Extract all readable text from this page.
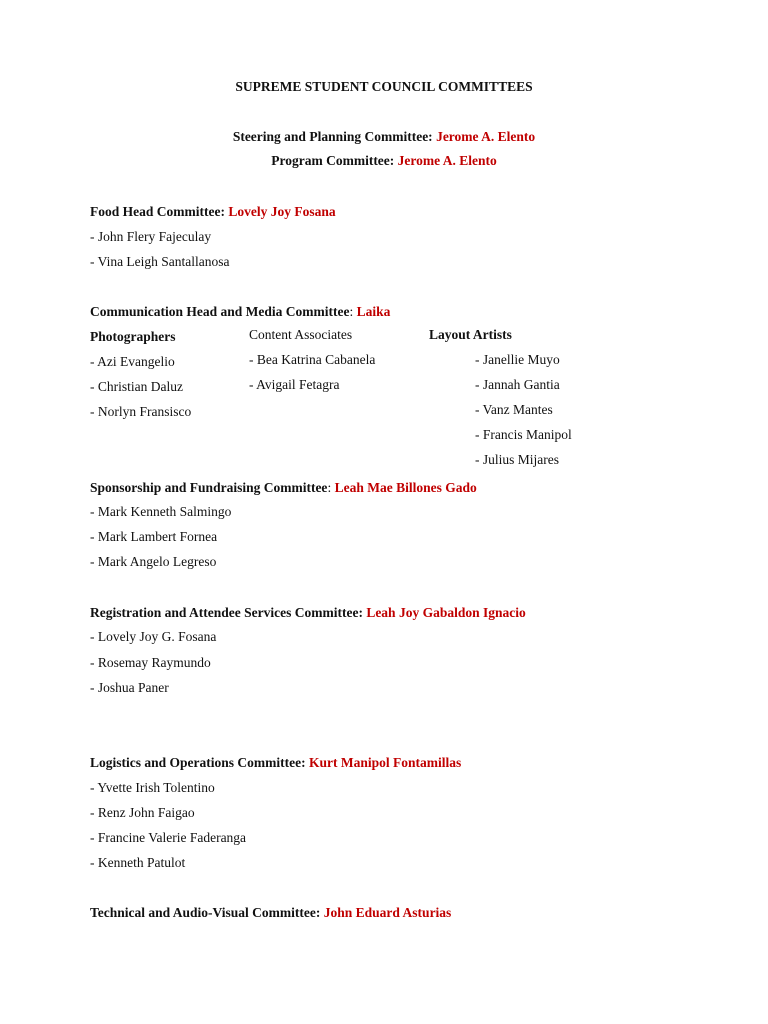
SUPREME STUDENT COUNCIL COMMITTEES
Steering and Planning Committee: Jerome A. Elento
Program Committee: Jerome A. Elento
Food Head Committee: Lovely Joy Fosana
- John Flery Fajeculay
- Vina Leigh Santallanosa
Communication Head and Media Committee: Laika
Photographers
- Azi Evangelio
- Christian Daluz
- Norlyn Fransisco
Content Associates
- Bea Katrina Cabanela
- Avigail Fetagra
Layout Artists
- Janellie Muyo
- Jannah Gantia
- Vanz Mantes
- Francis Manipol
- Julius Mijares
Sponsorship and Fundraising Committee: Leah Mae Billones Gado
- Mark Kenneth Salmingo
- Mark Lambert Fornea
- Mark Angelo Legreso
Registration and Attendee Services Committee: Leah Joy Gabaldon Ignacio
- Lovely Joy G. Fosana
- Rosemay Raymundo
- Joshua Paner
Logistics and Operations Committee: Kurt Manipol Fontamillas
- Yvette Irish Tolentino
- Renz John Faigao
- Francine Valerie Faderanga
- Kenneth Patulot
Technical and Audio-Visual Committee: John Eduard Asturias
